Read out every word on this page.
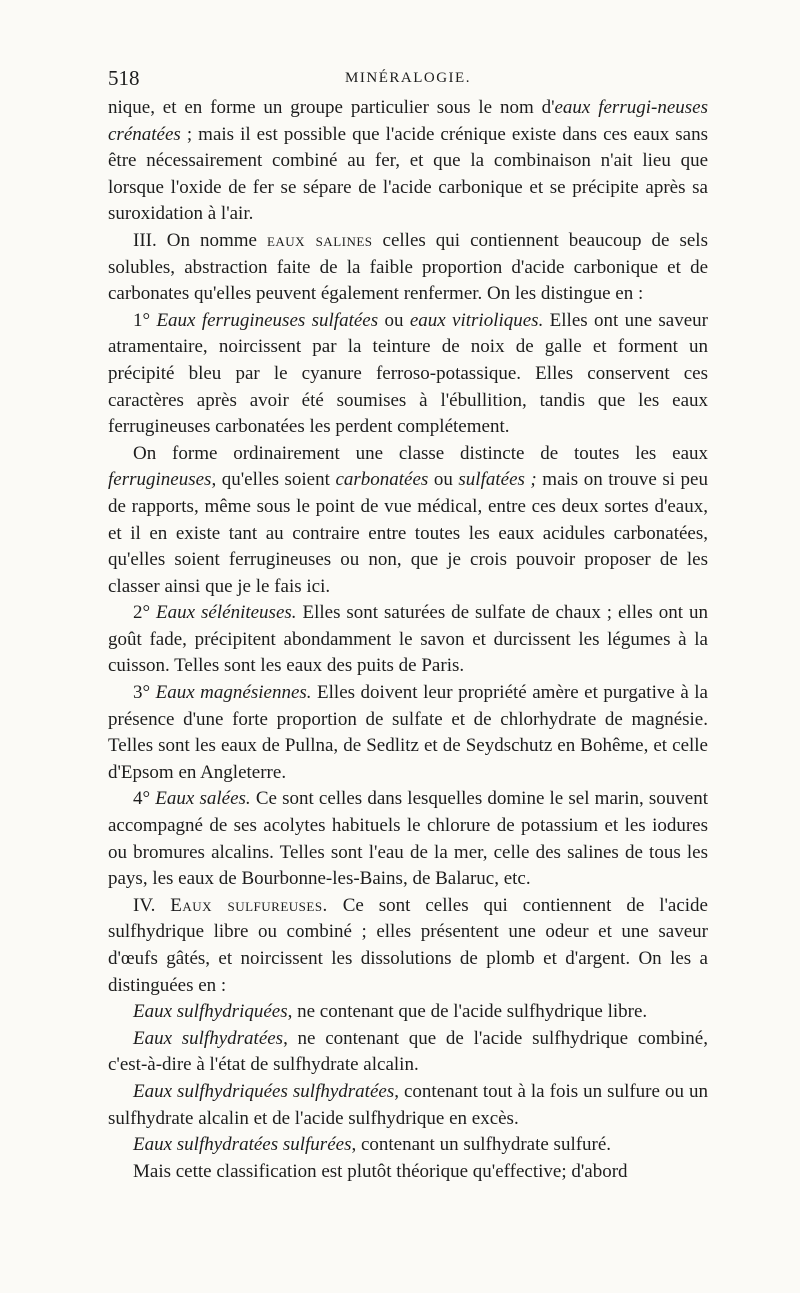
518	MINÉRALOGIE.

nique, et en forme un groupe particulier sous le nom d'eaux ferrugi-neuses crénatées ; mais il est possible que l'acide crénique existe dans ces eaux sans être nécessairement combiné au fer, et que la combinaison n'ait lieu que lorsque l'oxide de fer se sépare de l'acide carbonique et se précipite après sa suroxidation à l'air.

III. On nomme eaux salines celles qui contiennent beaucoup de sels solubles, abstraction faite de la faible proportion d'acide carbonique et de carbonates qu'elles peuvent également renfermer. On les distingue en :

1° Eaux ferrugineuses sulfatées ou eaux vitrioliques. Elles ont une saveur atramentaire, noircissent par la teinture de noix de galle et forment un précipité bleu par le cyanure ferroso-potassique. Elles conservent ces caractères après avoir été soumises à l'ébullition, tandis que les eaux ferrugineuses carbonatées les perdent complétement.

On forme ordinairement une classe distincte de toutes les eaux ferrugineuses, qu'elles soient carbonatées ou sulfatées ; mais on trouve si peu de rapports, même sous le point de vue médical, entre ces deux sortes d'eaux, et il en existe tant au contraire entre toutes les eaux acidules carbonatées, qu'elles soient ferrugineuses ou non, que je crois pouvoir proposer de les classer ainsi que je le fais ici.

2° Eaux séléniteuses. Elles sont saturées de sulfate de chaux ; elles ont un goût fade, précipitent abondamment le savon et durcissent les légumes à la cuisson. Telles sont les eaux des puits de Paris.

3° Eaux magnésiennes. Elles doivent leur propriété amère et purgative à la présence d'une forte proportion de sulfate et de chlorhydrate de magnésie. Telles sont les eaux de Pullna, de Sedlitz et de Seydschutz en Bohême, et celle d'Epsom en Angleterre.

4° Eaux salées. Ce sont celles dans lesquelles domine le sel marin, souvent accompagné de ses acolytes habituels le chlorure de potassium et les iodures ou bromures alcalins. Telles sont l'eau de la mer, celle des salines de tous les pays, les eaux de Bourbonne-les-Bains, de Balaruc, etc.

IV. Eaux sulfureuses. Ce sont celles qui contiennent de l'acide sulfhydrique libre ou combiné ; elles présentent une odeur et une saveur d'œufs gâtés, et noircissent les dissolutions de plomb et d'argent. On les a distinguées en :

Eaux sulfhydriquées, ne contenant que de l'acide sulfhydrique libre.

Eaux sulfhydratées, ne contenant que de l'acide sulfhydrique combiné, c'est-à-dire à l'état de sulfhydrate alcalin.

Eaux sulfhydriquées sulfhydratées, contenant tout à la fois un sulfure ou un sulfhydrate alcalin et de l'acide sulfhydrique en excès.

Eaux sulfhydratées sulfurées, contenant un sulfhydrate sulfuré.

Mais cette classification est plutôt théorique qu'effective; d'abord
